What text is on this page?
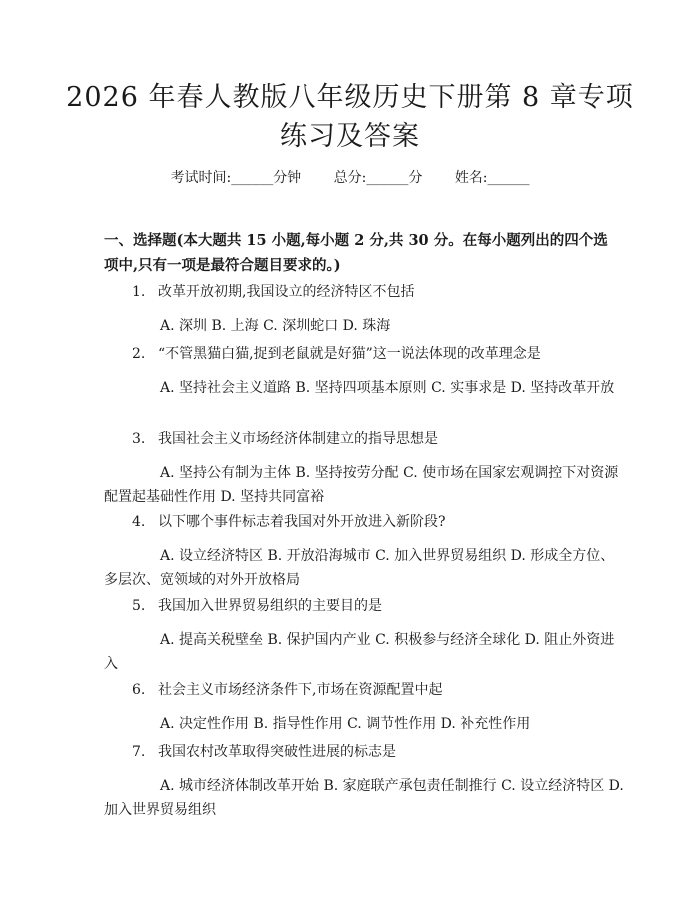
2026 年春人教版八年级历史下册第 8 章专项
练习及答案
考试时间:______分钟 总分:______分 姓名:______
一、选择题(本大题共 15 小题,每小题 2 分,共 30 分。在每小题列出的四个选
项中,只有一项是最符合题目要求的。)
1. 改革开放初期,我国设立的经济特区不包括
A. 深圳 B. 上海 C. 深圳蛇口 D. 珠海
2. “不管黑猫白猫,捉到老鼠就是好猫”这一说法体现的改革理念是
A. 坚持社会主义道路 B. 坚持四项基本原则 C. 实事求是 D. 坚持改革开放
3. 我国社会主义市场经济体制建立的指导思想是
A. 坚持公有制为主体 B. 坚持按劳分配 C. 使市场在国家宏观调控下对资源配置起基础性作用 D. 坚持共同富裕
4. 以下哪个事件标志着我国对外开放进入新阶段?
A. 设立经济特区 B. 开放沿海城市 C. 加入世界贸易组织 D. 形成全方位、多层次、宽领域的对外开放格局
5. 我国加入世界贸易组织的主要目的是
A. 提高关税壁垒 B. 保护国内产业 C. 积极参与经济全球化 D. 阻止外资进入
6. 社会主义市场经济条件下,市场在资源配置中起
A. 决定性作用 B. 指导性作用 C. 调节性作用 D. 补充性作用
7. 我国农村改革取得突破性进展的标志是
A. 城市经济体制改革开始 B. 家庭联产承包责任制推行 C. 设立经济特区 D. 加入世界贸易组织
